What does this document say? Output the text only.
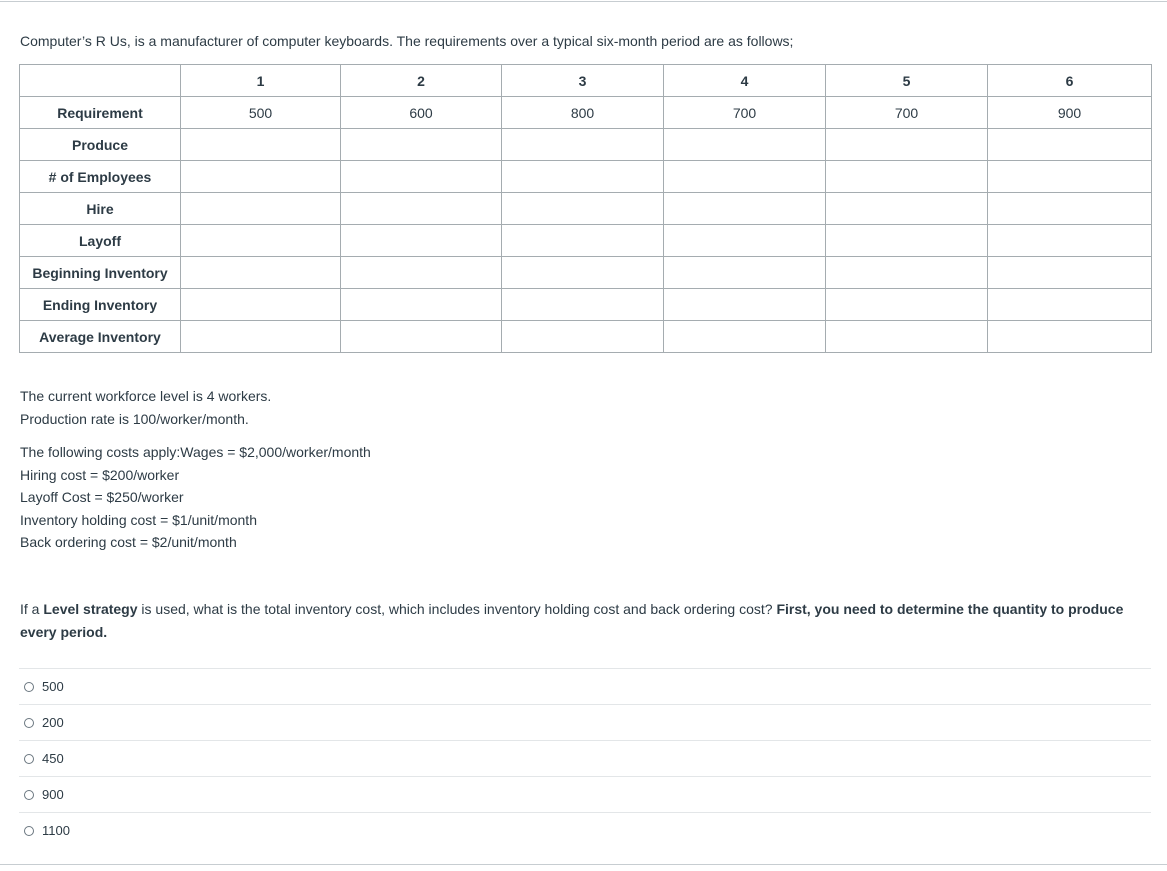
Computer’s R Us, is a manufacturer of computer keyboards. The requirements over a typical six-month period are as follows;
	1	2	3	4	5	6
Requirement	500	600	800	700	700	900
Produce						
# of Employees						
Hire						
Layoff						
Beginning Inventory						
Ending Inventory						
Average Inventory						
The current workforce level is 4 workers.
Production rate is 100/worker/month.
The following costs apply:Wages = $2,000/worker/month
Hiring cost = $200/worker
Layoff Cost = $250/worker
Inventory holding cost = $1/unit/month
Back ordering cost = $2/unit/month
If a Level strategy is used, what is the total inventory cost, which includes inventory holding cost and back ordering cost? First, you need to determine the quantity to produce every period.
500
200
450
900
1100
